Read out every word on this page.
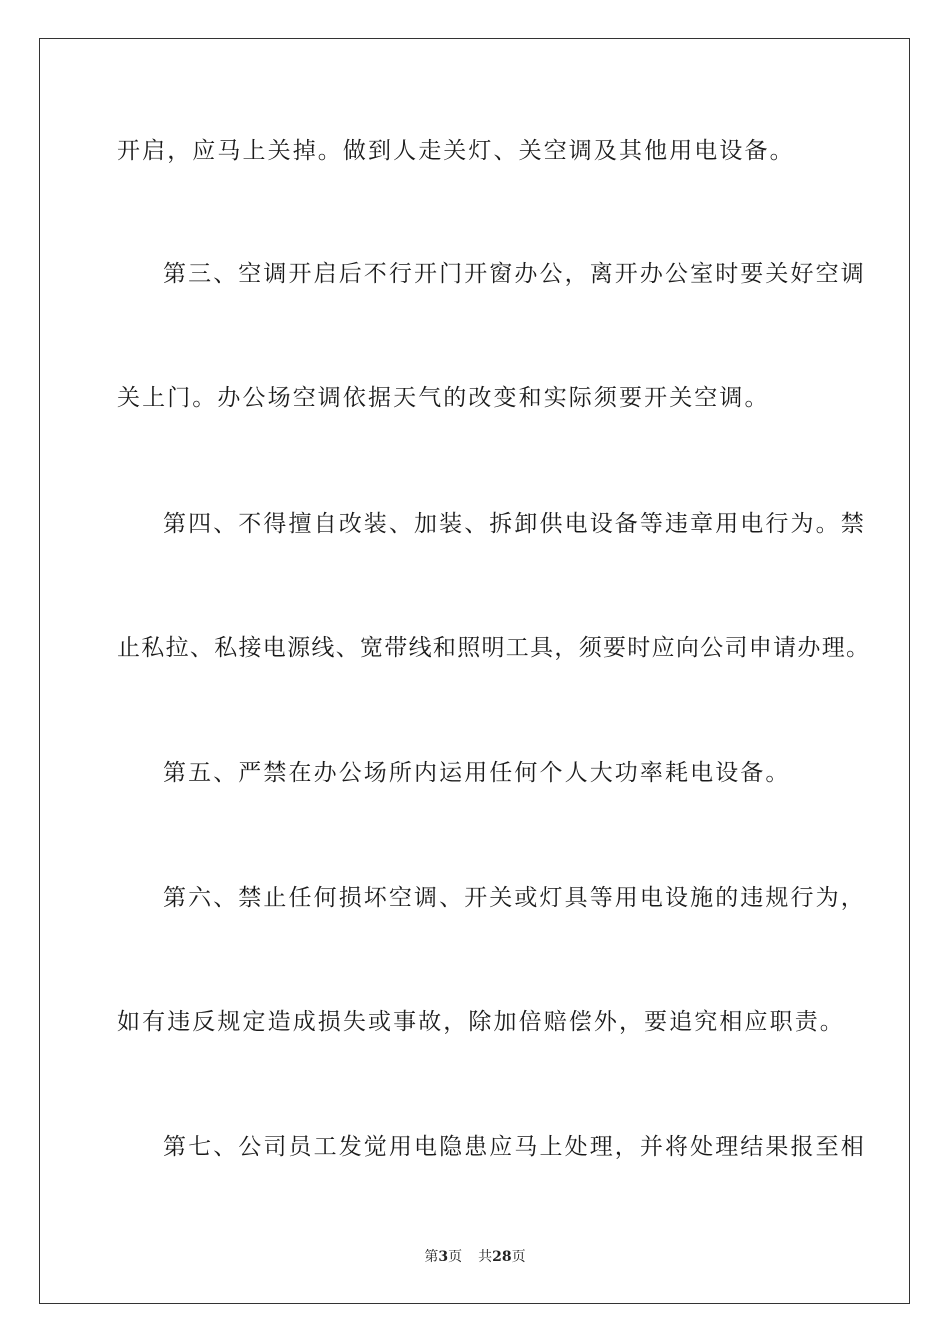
开启，应马上关掉。做到人走关灯、关空调及其他用电设备。
第三、空调开启后不行开门开窗办公，离开办公室时要关好空调
关上门。办公场空调依据天气的改变和实际须要开关空调。
第四、不得擅自改装、加装、拆卸供电设备等违章用电行为。禁
止私拉、私接电源线、宽带线和照明工具，须要时应向公司申请办理。
第五、严禁在办公场所内运用任何个人大功率耗电设备。
第六、禁止任何损坏空调、开关或灯具等用电设施的违规行为，
如有违反规定造成损失或事故，除加倍赔偿外，要追究相应职责。
第七、公司员工发觉用电隐患应马上处理，并将处理结果报至相
第3页 共28页
